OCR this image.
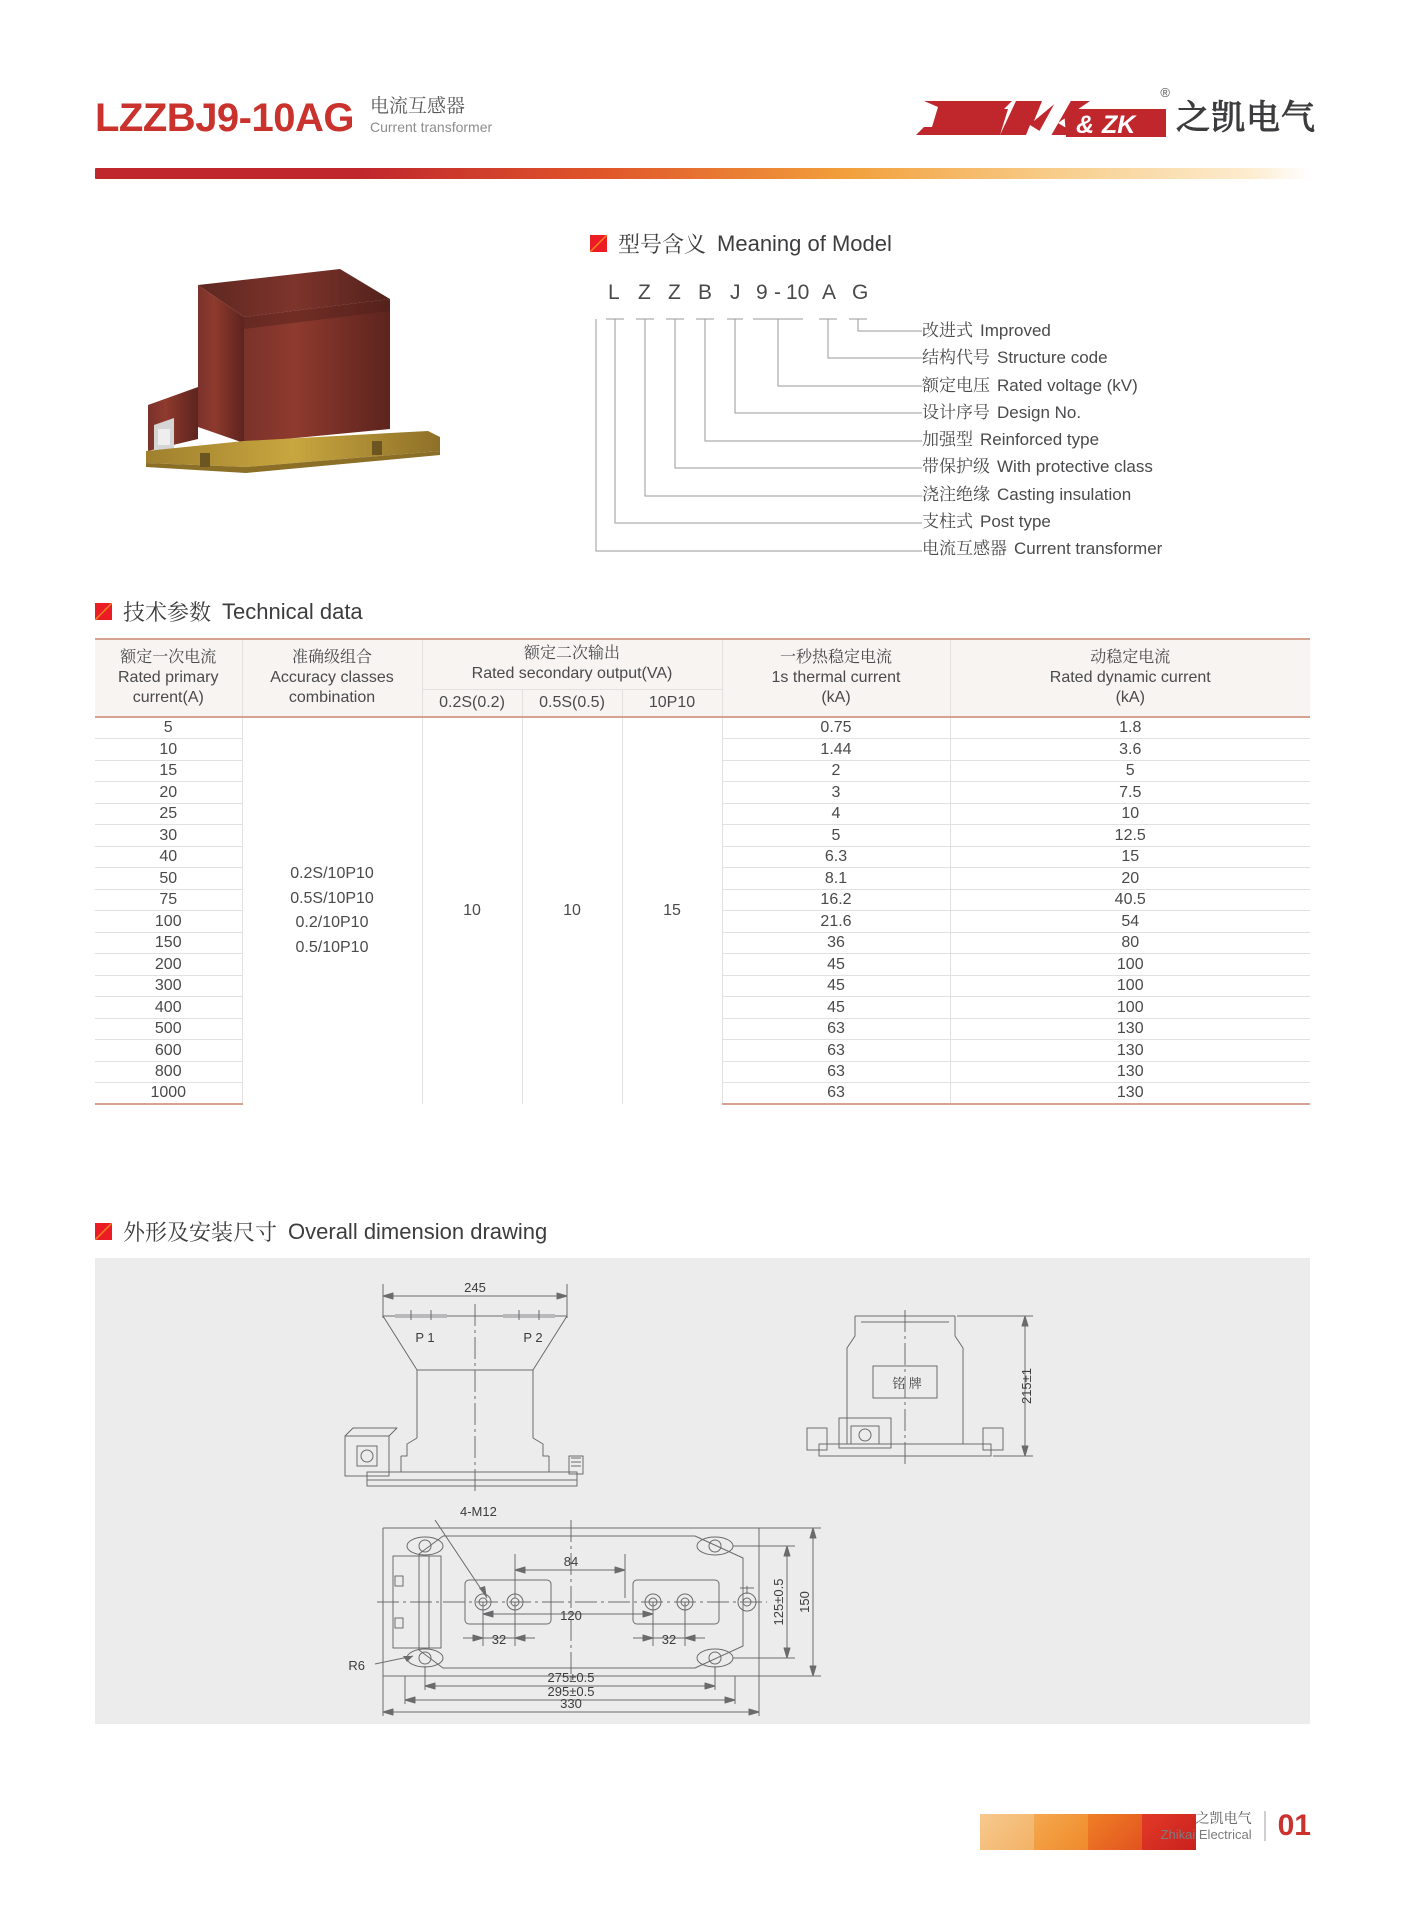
LZZBJ9-10AG 电流互感器
Current transformer	& ZK
®
之凯电气
型号含义 Meaning of Model
L Z Z B J 9 - 10 A G
改进式 Improved
结构代号 Structure code
额定电压 Rated voltage (kV)
设计序号 Design No.
加强型 Reinforced type
带保护级 With protective class
浇注绝缘 Casting insulation
支柱式 Post type
电流互感器 Current transformer
技术参数 Technical data
额定一次电流
Rated primary
current(A)	准确级组合
Accuracy classes
combination	额定二次输出
Rated secondary output(VA)			一秒热稳定电流
1s thermal current
(kA)	动稳定电流
Rated dynamic current
(kA)
		0.2S(0.2)	0.5S(0.5)	10P10		
5	0.2S/10P10
0.5S/10P10
0.2/10P10
0.5/10P10	10	10	15	0.75	1.8
10					1.44	3.6
15					2	5
20					3	7.5
25					4	10
30					5	12.5
40					6.3	15
50					8.1	20
75					16.2	40.5
100					21.6	54
150					36	80
200					45	100
300					45	100
400					45	100
500					63	130
600					63	130
800					63	130
1000					63	130
外形及安装尺寸 Overall dimension drawing
245
P 1	P 2
铭 牌
4-M12
R6
84
120
32	32
275±0.5
295±0.5
330
215±1
125±0.5 150
之凯电气
Zhikai Electrical 01
